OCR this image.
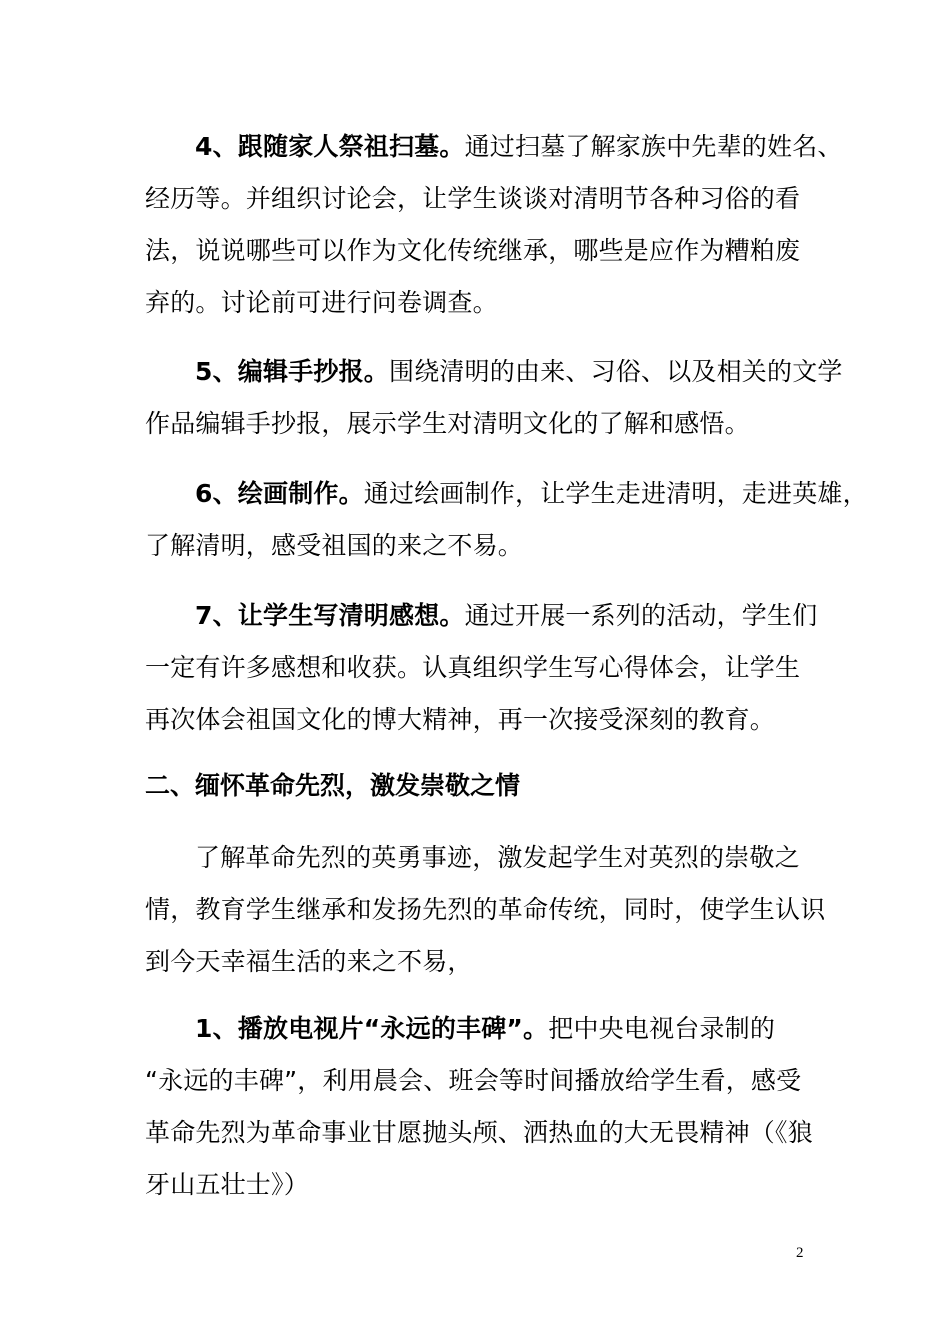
4、跟随家人祭祖扫墓。通过扫墓了解家族中先辈的姓名、
经历等。并组织讨论会，让学生谈谈对清明节各种习俗的看
法，说说哪些可以作为文化传统继承，哪些是应作为糟粕废
弃的。讨论前可进行问卷调查。
5、编辑手抄报。围绕清明的由来、习俗、以及相关的文学
作品编辑手抄报，展示学生对清明文化的了解和感悟。
6、绘画制作。通过绘画制作，让学生走进清明，走进英雄，
了解清明，感受祖国的来之不易。
7、让学生写清明感想。通过开展一系列的活动，学生们
一定有许多感想和收获。认真组织学生写心得体会，让学生
再次体会祖国文化的博大精神，再一次接受深刻的教育。
二、缅怀革命先烈，激发崇敬之情
了解革命先烈的英勇事迹，激发起学生对英烈的崇敬之
情，教育学生继承和发扬先烈的革命传统，同时，使学生认识
到今天幸福生活的来之不易，
1、播放电视片“永远的丰碑”。把中央电视台录制的
“永远的丰碑”，利用晨会、班会等时间播放给学生看，感受
革命先烈为革命事业甘愿抛头颅、洒热血的大无畏精神（《狼
牙山五壮士》）
2
